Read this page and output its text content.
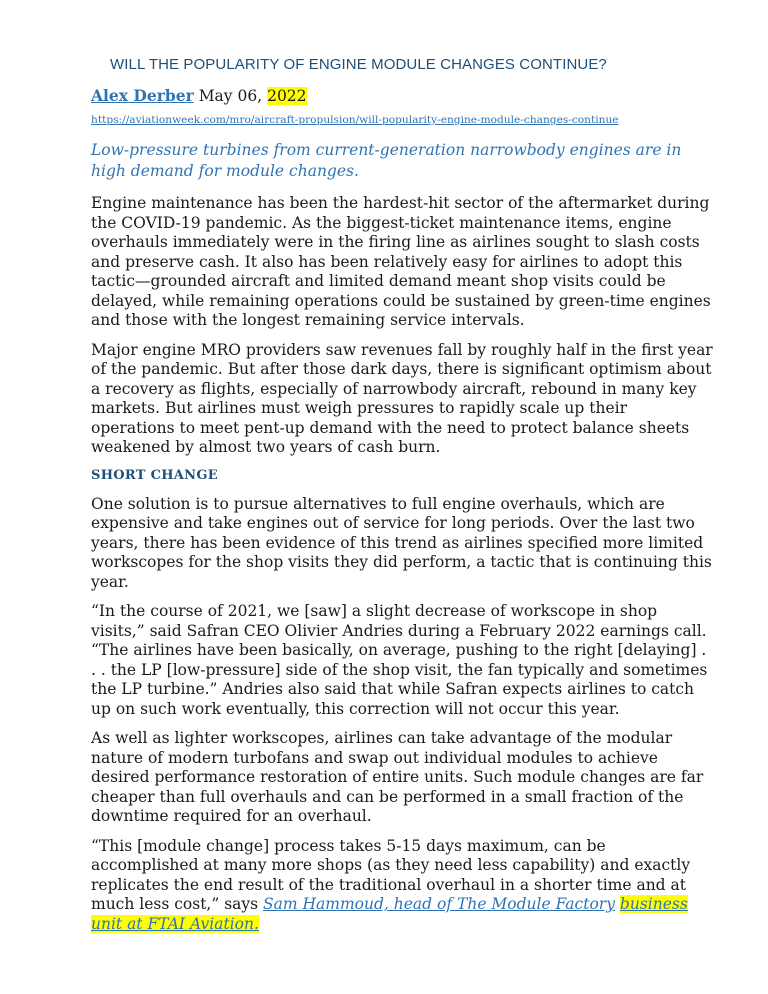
WILL THE POPULARITY OF ENGINE MODULE CHANGES CONTINUE?
Alex Derber May 06, 2022
https://aviationweek.com/mro/aircraft-propulsion/will-popularity-engine-module-changes-continue
Low-pressure turbines from current-generation narrowbody engines are in high demand for module changes.

Engine maintenance has been the hardest-hit sector of the aftermarket during the COVID-19 pandemic. As the biggest-ticket maintenance items, engine overhauls immediately were in the firing line as airlines sought to slash costs and preserve cash. It also has been relatively easy for airlines to adopt this tactic—grounded aircraft and limited demand meant shop visits could be delayed, while remaining operations could be sustained by green-time engines and those with the longest remaining service intervals.

Major engine MRO providers saw revenues fall by roughly half in the first year of the pandemic. But after those dark days, there is significant optimism about a recovery as flights, especially of narrowbody aircraft, rebound in many key markets. But airlines must weigh pressures to rapidly scale up their operations to meet pent-up demand with the need to protect balance sheets weakened by almost two years of cash burn.

SHORT CHANGE

One solution is to pursue alternatives to full engine overhauls, which are expensive and take engines out of service for long periods. Over the last two years, there has been evidence of this trend as airlines specified more limited workscopes for the shop visits they did perform, a tactic that is continuing this year.

“In the course of 2021, we [saw] a slight decrease of workscope in shop visits,” said Safran CEO Olivier Andries during a February 2022 earnings call. “The airlines have been basically, on average, pushing to the right [delaying] . . . the LP [low-pressure] side of the shop visit, the fan typically and sometimes the LP turbine.” Andries also said that while Safran expects airlines to catch up on such work eventually, this correction will not occur this year.

As well as lighter workscopes, airlines can take advantage of the modular nature of modern turbofans and swap out individual modules to achieve desired performance restoration of entire units. Such module changes are far cheaper than full overhauls and can be performed in a small fraction of the downtime required for an overhaul.

“This [module change] process takes 5-15 days maximum, can be accomplished at many more shops (as they need less capability) and exactly replicates the end result of the traditional overhaul in a shorter time and at much less cost,” says Sam Hammoud, head of The Module Factory business unit at FTAI Aviation.
